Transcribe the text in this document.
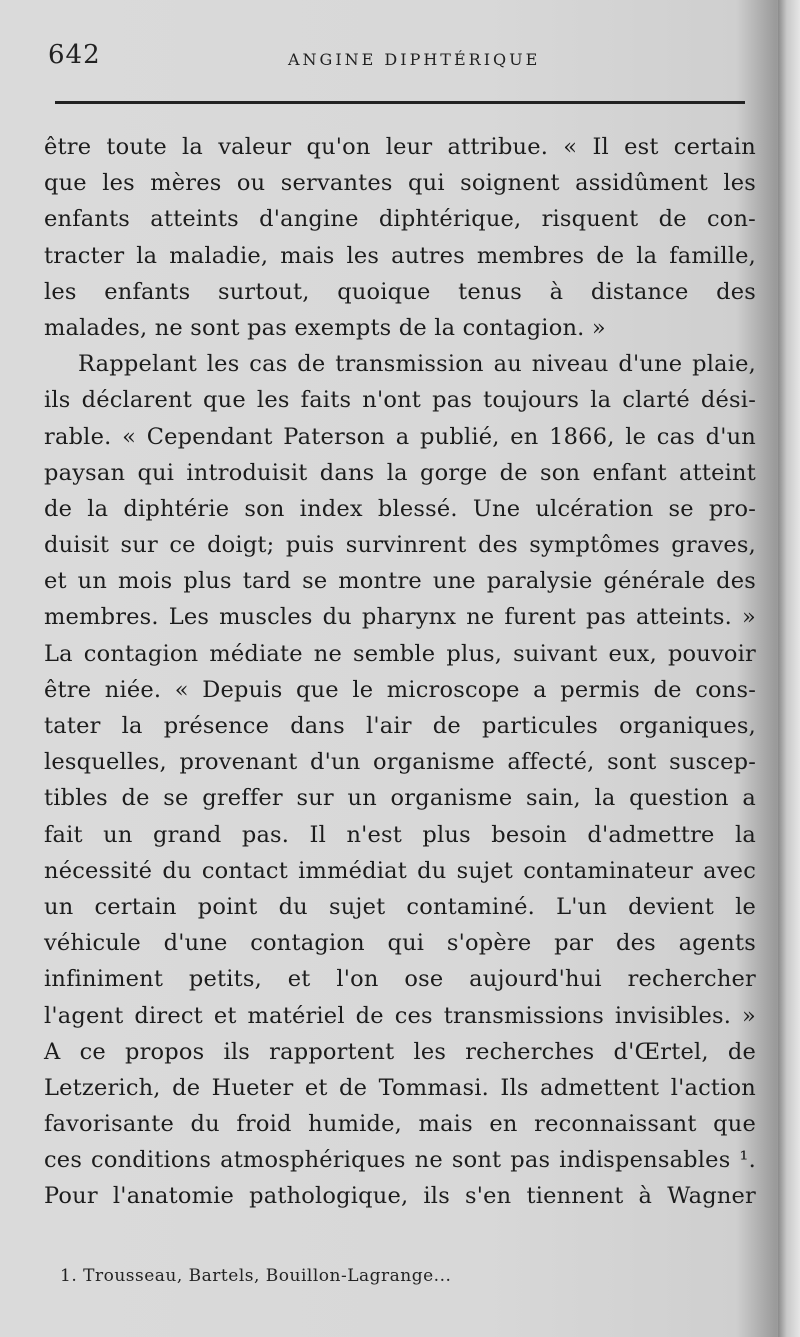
642	ANGINE DIPHTÉRIQUE
être toute la valeur qu'on leur attribue. « Il est certain
que les mères ou servantes qui soignent assidûment les
enfants atteints d'angine diphtérique, risquent de con-
tracter la maladie, mais les autres membres de la famille,
les enfants surtout, quoique tenus à distance des
malades, ne sont pas exempts de la contagion. »
Rappelant les cas de transmission au niveau d'une plaie,
ils déclarent que les faits n'ont pas toujours la clarté dési-
rable. « Cependant Paterson a publié, en 1866, le cas d'un
paysan qui introduisit dans la gorge de son enfant atteint
de la diphtérie son index blessé. Une ulcération se pro-
duisit sur ce doigt; puis survinrent des symptômes graves,
et un mois plus tard se montre une paralysie générale des
membres. Les muscles du pharynx ne furent pas atteints. »
La contagion médiate ne semble plus, suivant eux, pouvoir
être niée. « Depuis que le microscope a permis de cons-
tater la présence dans l'air de particules organiques,
lesquelles, provenant d'un organisme affecté, sont suscep-
tibles de se greffer sur un organisme sain, la question a
fait un grand pas. Il n'est plus besoin d'admettre la
nécessité du contact immédiat du sujet contaminateur avec
un certain point du sujet contaminé. L'un devient le
véhicule d'une contagion qui s'opère par des agents
infiniment petits, et l'on ose aujourd'hui rechercher
l'agent direct et matériel de ces transmissions invisibles. »
A ce propos ils rapportent les recherches d'Œrtel, de
Letzerich, de Hueter et de Tommasi. Ils admettent l'action
favorisante du froid humide, mais en reconnaissant que
ces conditions atmosphériques ne sont pas indispensables ¹.
Pour l'anatomie pathologique, ils s'en tiennent à Wagner
1. Trousseau, Bartels, Bouillon-Lagrange...
